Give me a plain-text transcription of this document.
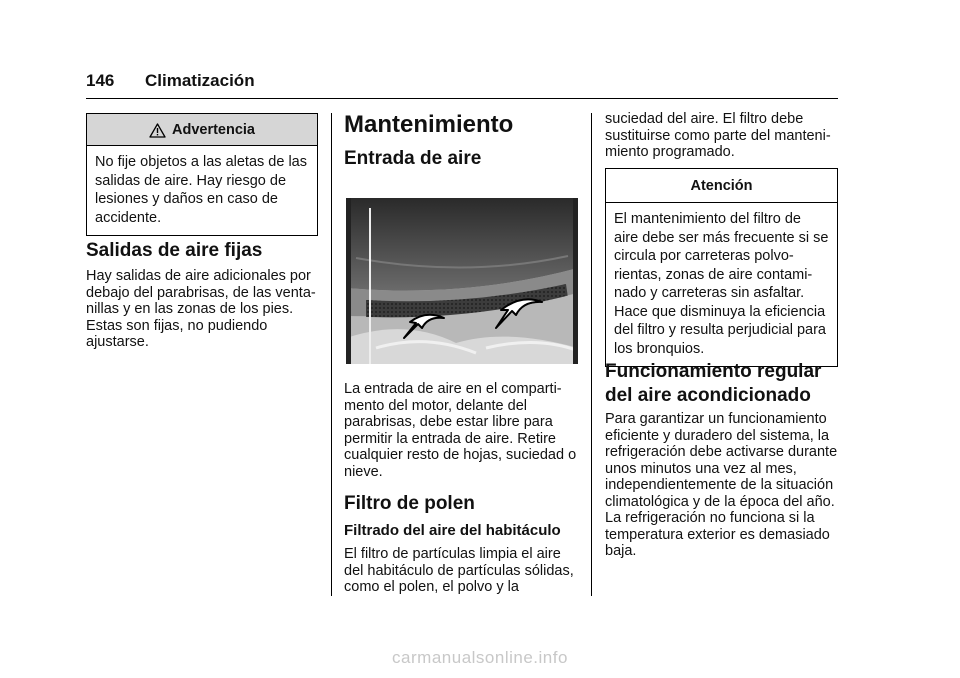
146 Climatización
Advertencia
No fije objetos a las aletas de las salidas de aire. Hay riesgo de lesiones y daños en caso de accidente.
Salidas de aire fijas
Hay salidas de aire adicionales por debajo del parabrisas, de las venta-nillas y en las zonas de los pies. Estas son fijas, no pudiendo ajustarse.
Mantenimiento
Entrada de aire
La entrada de aire en el comparti-mento del motor, delante del parabrisas, debe estar libre para permitir la entrada de aire. Retire cualquier resto de hojas, suciedad o nieve.
Filtro de polen
Filtrado del aire del habitáculo
El filtro de partículas limpia el aire del habitáculo de partículas sólidas, como el polen, el polvo y la
suciedad del aire. El filtro debe sustituirse como parte del manteni-miento programado.
Atención
El mantenimiento del filtro de aire debe ser más frecuente si se circula por carreteras polvo-rientas, zonas de aire contami-nado y carreteras sin asfaltar. Hace que disminuya la eficiencia del filtro y resulta perjudicial para los bronquios.
Funcionamiento regular del aire acondicionado
Para garantizar un funcionamiento eficiente y duradero del sistema, la refrigeración debe activarse durante unos minutos una vez al mes, independientemente de la situación climatológica y de la época del año. La refrigeración no funciona si la temperatura exterior es demasiado baja.
carmanualsonline.info
